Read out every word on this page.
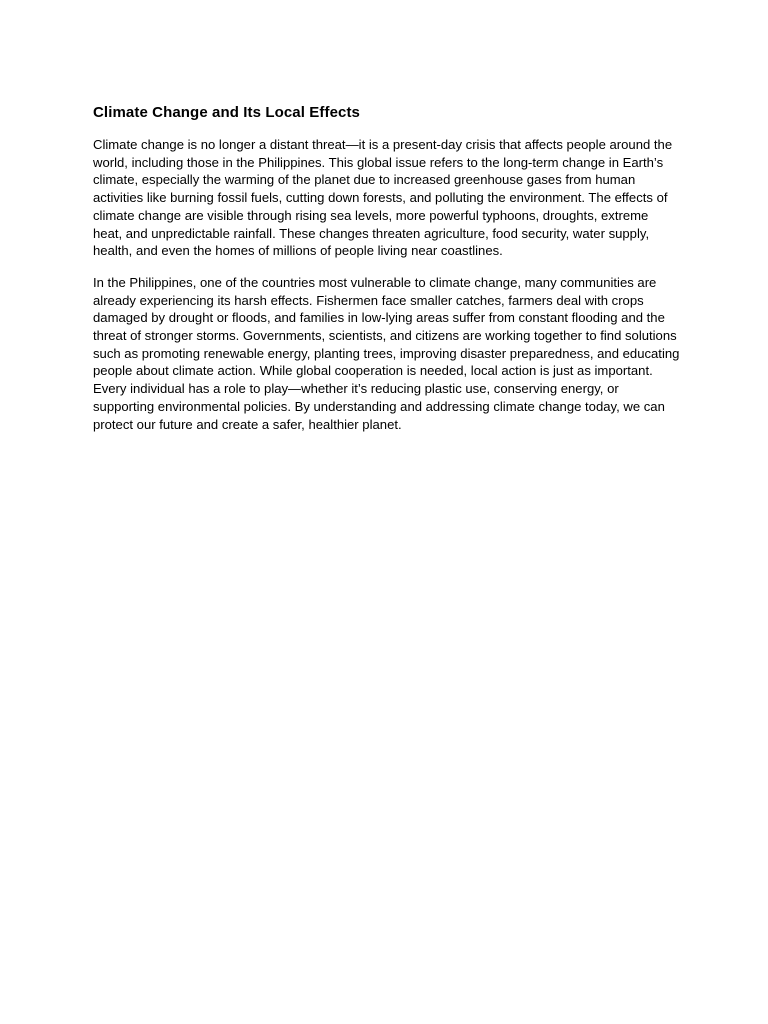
Climate Change and Its Local Effects

Climate change is no longer a distant threat—it is a present-day crisis that affects people around the world, including those in the Philippines. This global issue refers to the long-term change in Earth’s climate, especially the warming of the planet due to increased greenhouse gases from human activities like burning fossil fuels, cutting down forests, and polluting the environment. The effects of climate change are visible through rising sea levels, more powerful typhoons, droughts, extreme heat, and unpredictable rainfall. These changes threaten agriculture, food security, water supply, health, and even the homes of millions of people living near coastlines.

In the Philippines, one of the countries most vulnerable to climate change, many communities are already experiencing its harsh effects. Fishermen face smaller catches, farmers deal with crops damaged by drought or floods, and families in low-lying areas suffer from constant flooding and the threat of stronger storms. Governments, scientists, and citizens are working together to find solutions such as promoting renewable energy, planting trees, improving disaster preparedness, and educating people about climate action. While global cooperation is needed, local action is just as important. Every individual has a role to play—whether it’s reducing plastic use, conserving energy, or supporting environmental policies. By understanding and addressing climate change today, we can protect our future and create a safer, healthier planet.
